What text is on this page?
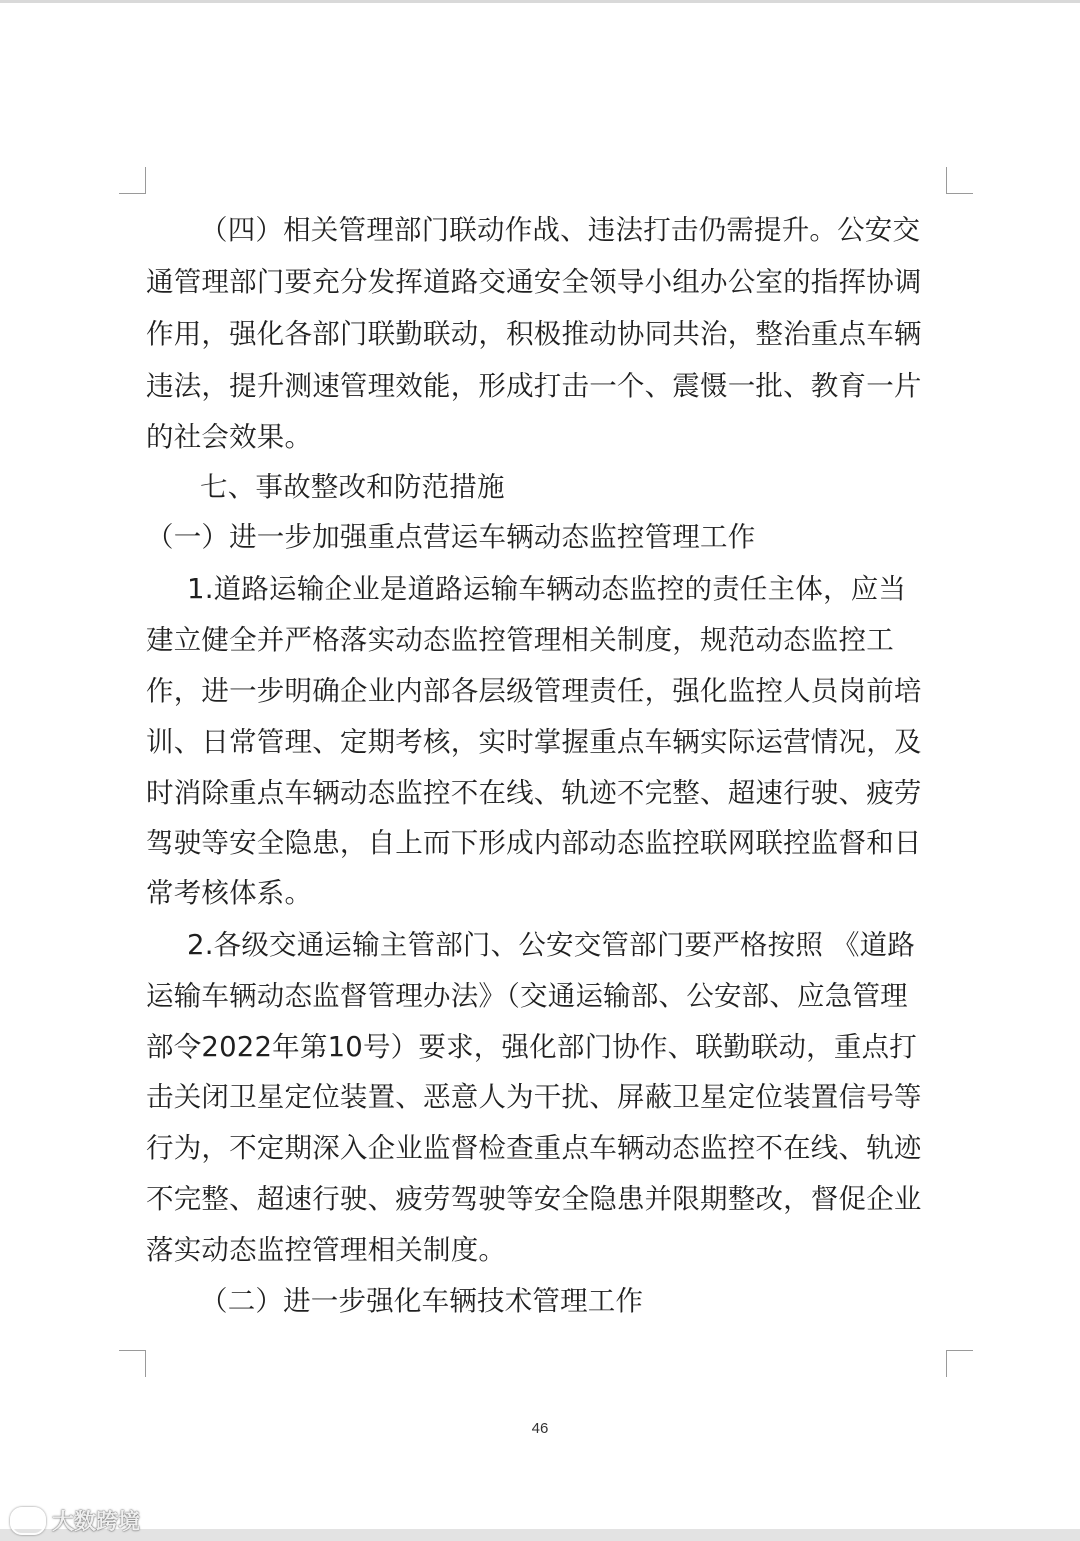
（四）相关管理部门联动作战、违法打击仍需提升。公安交
通管理部门要充分发挥道路交通安全领导小组办公室的指挥协调
作用，强化各部门联勤联动，积极推动协同共治，整治重点车辆
违法，提升测速管理效能，形成打击一个、震慑一批、教育一片
的社会效果。
七、事故整改和防范措施
（一）进一步加强重点营运车辆动态监控管理工作
1.道路运输企业是道路运输车辆动态监控的责任主体，应当
建立健全并严格落实动态监控管理相关制度，规范动态监控工
作，进一步明确企业内部各层级管理责任，强化监控人员岗前培
训、日常管理、定期考核，实时掌握重点车辆实际运营情况，及
时消除重点车辆动态监控不在线、轨迹不完整、超速行驶、疲劳
驾驶等安全隐患，自上而下形成内部动态监控联网联控监督和日
常考核体系。
2.各级交通运输主管部门、公安交管部门要严格按照 《道路
运输车辆动态监督管理办法》（交通运输部、公安部、应急管理
部令2022年第10号）要求，强化部门协作、联勤联动，重点打
击关闭卫星定位装置、恶意人为干扰、屏蔽卫星定位装置信号等
行为，不定期深入企业监督检查重点车辆动态监控不在线、轨迹
不完整、超速行驶、疲劳驾驶等安全隐患并限期整改，督促企业
落实动态监控管理相关制度。
（二）进一步强化车辆技术管理工作
46
大数跨境
